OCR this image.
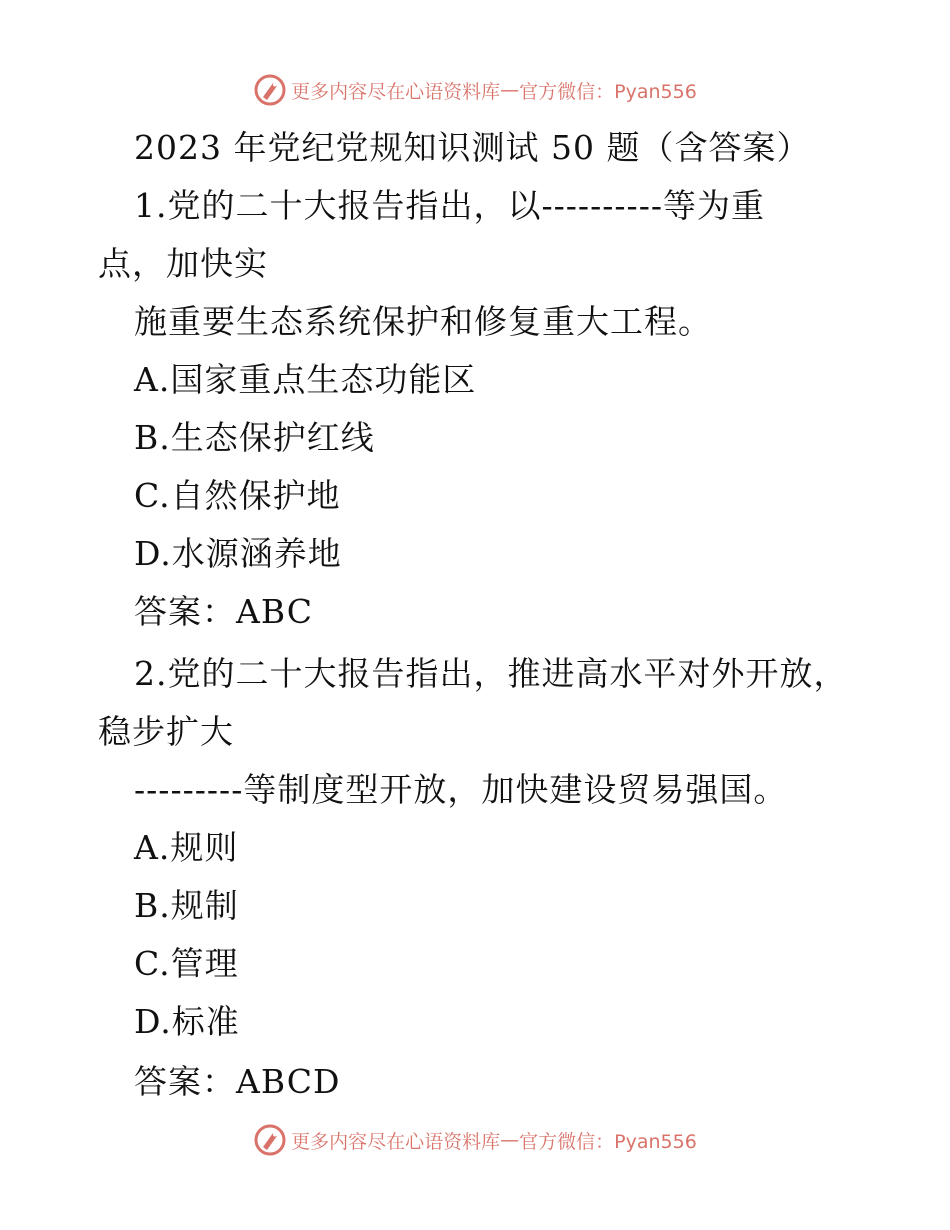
更多内容尽在心语资料库 — 官方微信：Pyan556
2023 年党纪党规知识测试 50 题（含答案）
1.党的二十大报告指出，以----------等为重
点，加快实
施重要生态系统保护和修复重大工程。
A.国家重点生态功能区
B.生态保护红线
C.自然保护地
D.水源涵养地
答案：ABC
2.党的二十大报告指出，推进高水平对外开放，
稳步扩大
---------等制度型开放，加快建设贸易强国。
A.规则
B.规制
C.管理
D.标准
答案：ABCD
更多内容尽在心语资料库 — 官方微信：Pyan556
